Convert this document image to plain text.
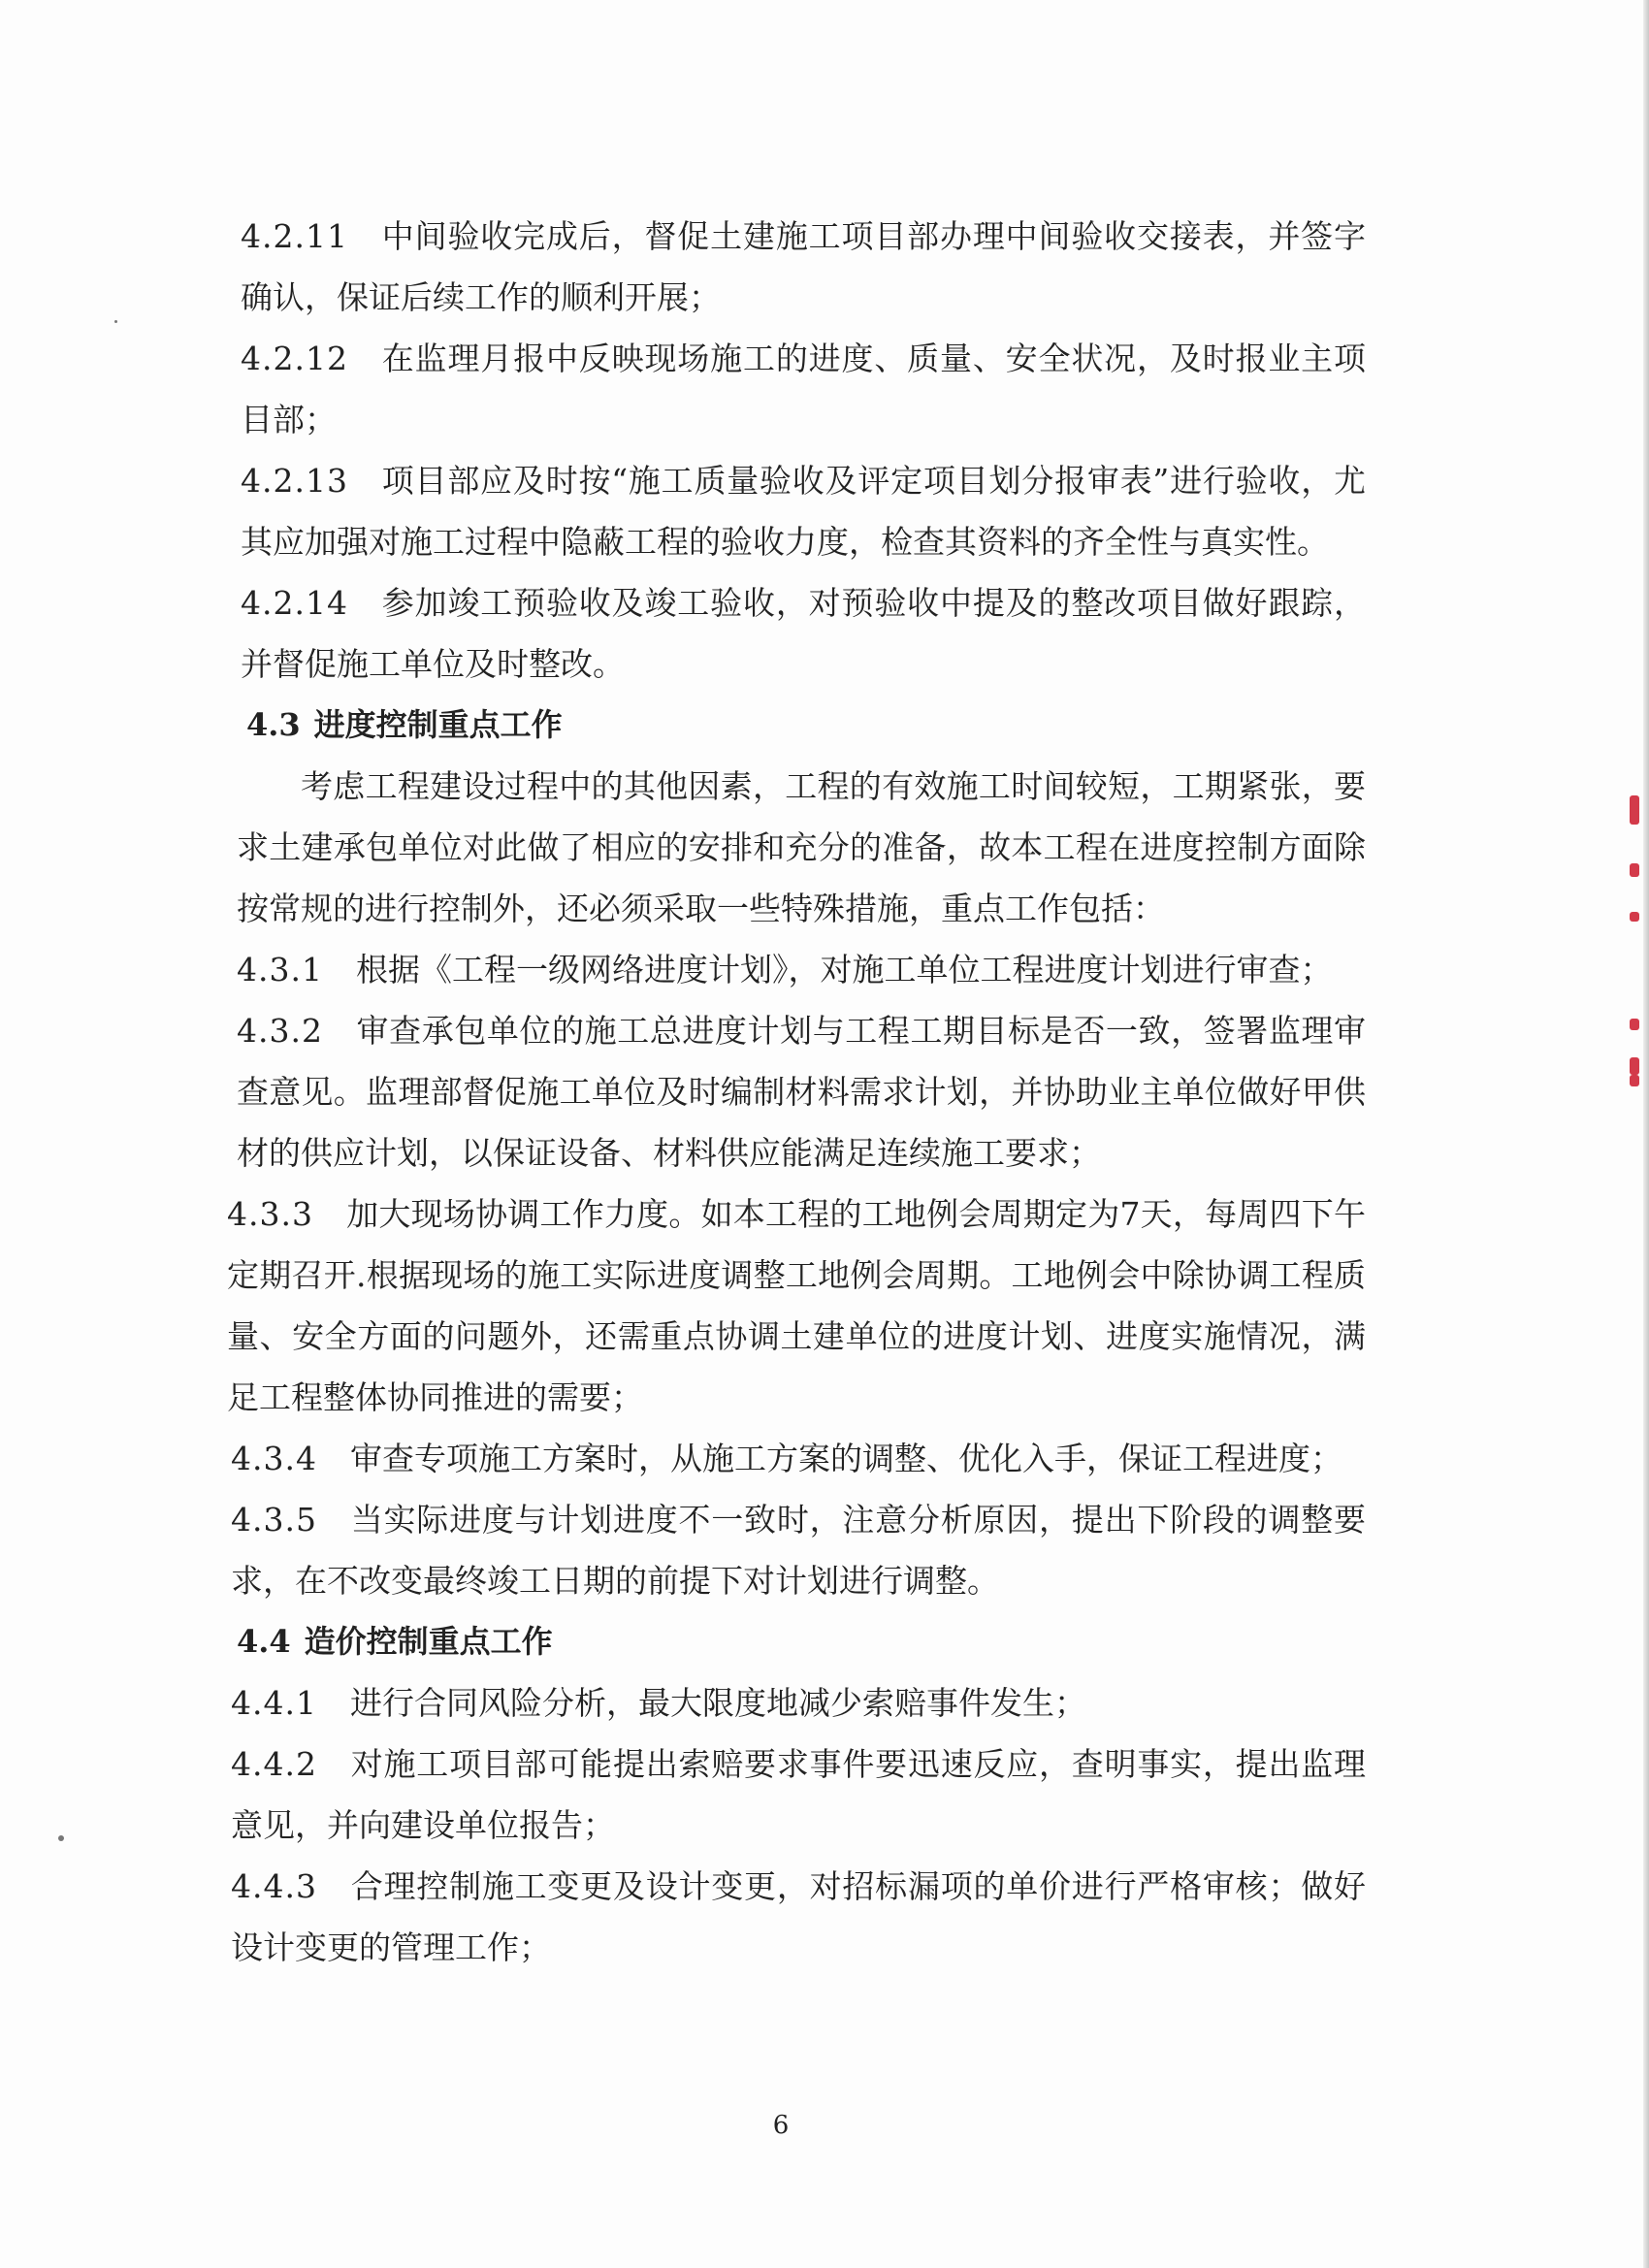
4.2.11 中间验收完成后，督促土建施工项目部办理中间验收交接表，并签字确认，保证后续工作的顺利开展；

4.2.12 在监理月报中反映现场施工的进度、质量、安全状况，及时报业主项目部；

4.2.13 项目部应及时按“施工质量验收及评定项目划分报审表”进行验收，尤其应加强对施工过程中隐蔽工程的验收力度，检查其资料的齐全性与真实性。

4.2.14 参加竣工预验收及竣工验收，对预验收中提及的整改项目做好跟踪，并督促施工单位及时整改。

4.3 进度控制重点工作

考虑工程建设过程中的其他因素，工程的有效施工时间较短，工期紧张，要求土建承包单位对此做了相应的安排和充分的准备，故本工程在进度控制方面除按常规的进行控制外，还必须采取一些特殊措施，重点工作包括：

4.3.1 根据《工程一级网络进度计划》，对施工单位工程进度计划进行审查；

4.3.2 审查承包单位的施工总进度计划与工程工期目标是否一致，签署监理审查意见。监理部督促施工单位及时编制材料需求计划，并协助业主单位做好甲供材的供应计划，以保证设备、材料供应能满足连续施工要求；

4.3.3 加大现场协调工作力度。如本工程的工地例会周期定为7天，每周四下午定期召开.根据现场的施工实际进度调整工地例会周期。工地例会中除协调工程质量、安全方面的问题外，还需重点协调土建单位的进度计划、进度实施情况，满足工程整体协同推进的需要；

4.3.4 审查专项施工方案时，从施工方案的调整、优化入手，保证工程进度；

4.3.5 当实际进度与计划进度不一致时，注意分析原因，提出下阶段的调整要求，在不改变最终竣工日期的前提下对计划进行调整。

4.4 造价控制重点工作

4.4.1 进行合同风险分析，最大限度地减少索赔事件发生；

4.4.2 对施工项目部可能提出索赔要求事件要迅速反应，查明事实，提出监理意见，并向建设单位报告；

4.4.3 合理控制施工变更及设计变更，对招标漏项的单价进行严格审核；做好设计变更的管理工作；

6
